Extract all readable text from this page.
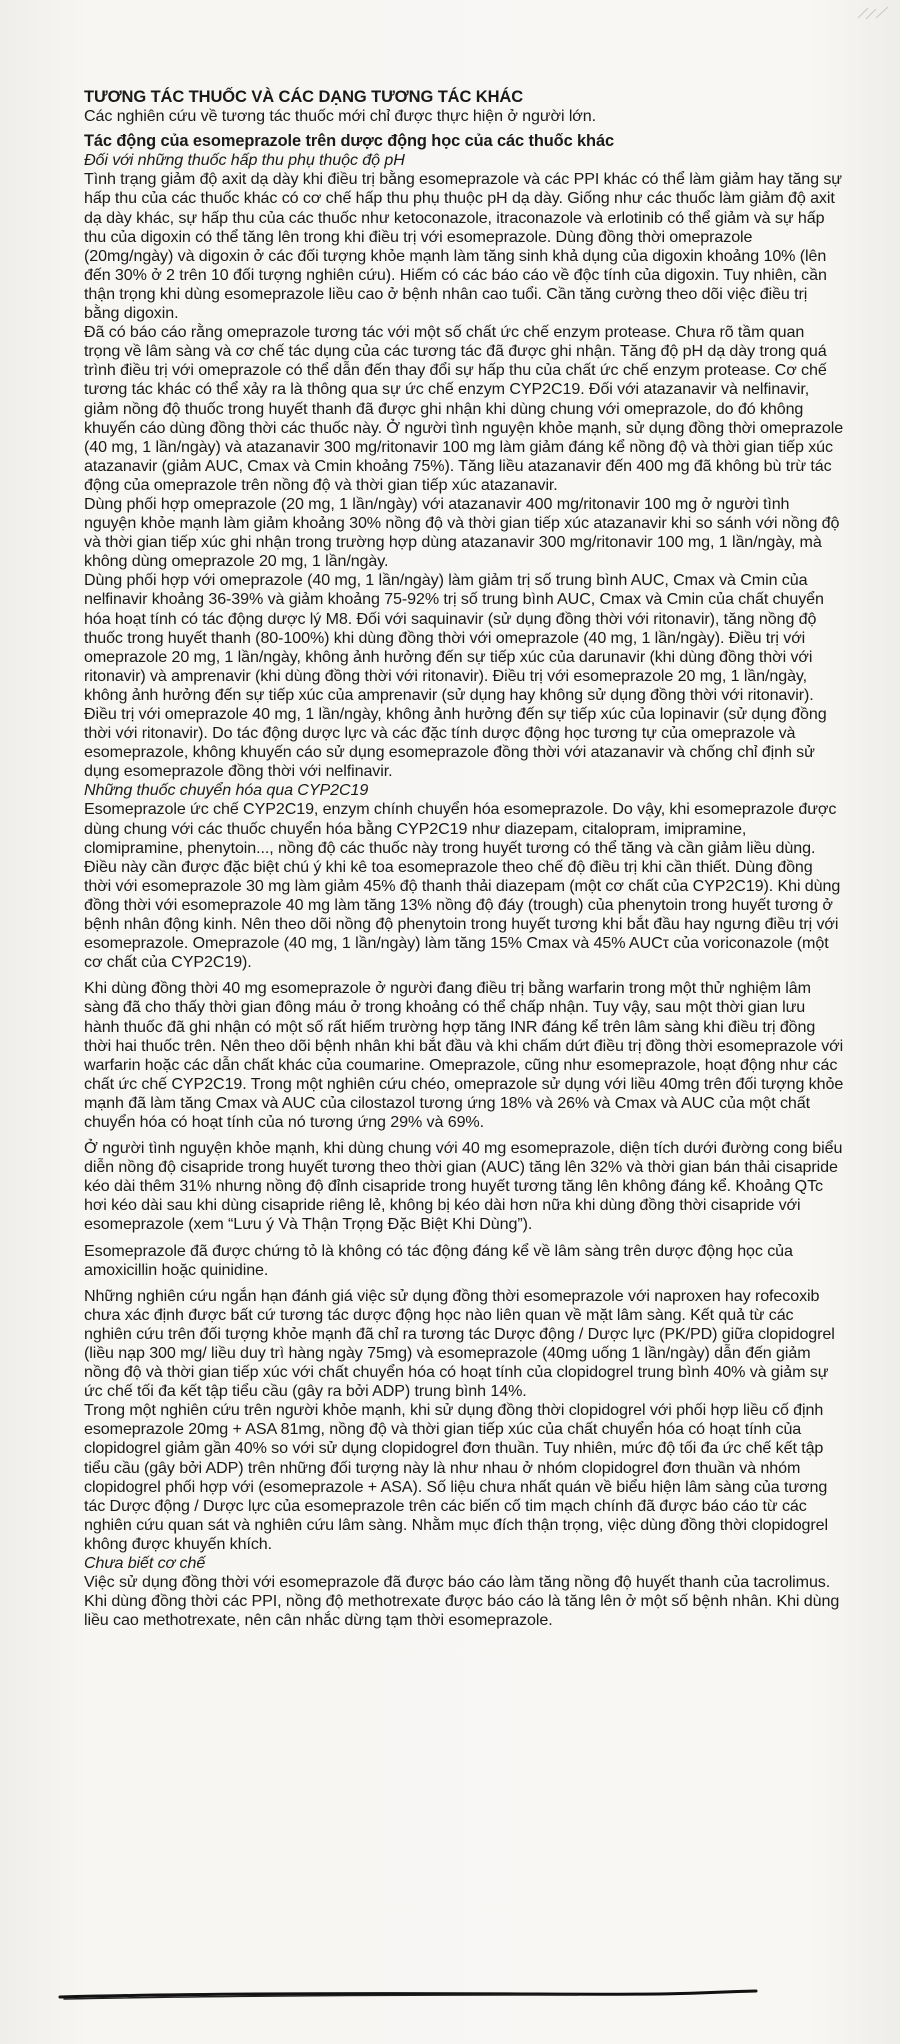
TƯƠNG TÁC THUỐC VÀ CÁC DẠNG TƯƠNG TÁC KHÁC

Các nghiên cứu về tương tác thuốc mới chỉ được thực hiện ở người lớn.

Tác động của esomeprazole trên dược động học của các thuốc khác

Đối với những thuốc hấp thu phụ thuộc độ pH

Tình trạng giảm độ axit dạ dày khi điều trị bằng esomeprazole và các PPI khác có thể làm giảm hay tăng sự hấp thu của các thuốc khác có cơ chế hấp thu phụ thuộc pH dạ dày. Giống như các thuốc làm giảm độ axit dạ dày khác, sự hấp thu của các thuốc như ketoconazole, itraconazole và erlotinib có thể giảm và sự hấp thu của digoxin có thể tăng lên trong khi điều trị với esomeprazole. Dùng đồng thời omeprazole (20mg/ngày) và digoxin ở các đối tượng khỏe mạnh làm tăng sinh khả dụng của digoxin khoảng 10% (lên đến 30% ở 2 trên 10 đối tượng nghiên cứu). Hiếm có các báo cáo về độc tính của digoxin. Tuy nhiên, cần thận trọng khi dùng esomeprazole liều cao ở bệnh nhân cao tuổi. Cần tăng cường theo dõi việc điều trị bằng digoxin.

Đã có báo cáo rằng omeprazole tương tác với một số chất ức chế enzym protease. Chưa rõ tầm quan trọng về lâm sàng và cơ chế tác dụng của các tương tác đã được ghi nhận. Tăng độ pH dạ dày trong quá trình điều trị với omeprazole có thể dẫn đến thay đổi sự hấp thu của chất ức chế enzym protease. Cơ chế tương tác khác có thể xảy ra là thông qua sự ức chế enzym CYP2C19. Đối với atazanavir và nelfinavir, giảm nồng độ thuốc trong huyết thanh đã được ghi nhận khi dùng chung với omeprazole, do đó không khuyến cáo dùng đồng thời các thuốc này. Ở người tình nguyện khỏe mạnh, sử dụng đồng thời omeprazole (40 mg, 1 lần/ngày) và atazanavir 300 mg/ritonavir 100 mg làm giảm đáng kể nồng độ và thời gian tiếp xúc atazanavir (giảm AUC, Cmax và Cmin khoảng 75%). Tăng liều atazanavir đến 400 mg đã không bù trừ tác động của omeprazole trên nồng độ và thời gian tiếp xúc atazanavir.

Dùng phối hợp omeprazole (20 mg, 1 lần/ngày) với atazanavir 400 mg/ritonavir 100 mg ở người tình nguyện khỏe mạnh làm giảm khoảng 30% nồng độ và thời gian tiếp xúc atazanavir khi so sánh với nồng độ và thời gian tiếp xúc ghi nhận trong trường hợp dùng atazanavir 300 mg/ritonavir 100 mg, 1 lần/ngày, mà không dùng omeprazole 20 mg, 1 lần/ngày.

Dùng phối hợp với omeprazole (40 mg, 1 lần/ngày) làm giảm trị số trung bình AUC, Cmax và Cmin của nelfinavir khoảng 36-39% và giảm khoảng 75-92% trị số trung bình AUC, Cmax và Cmin của chất chuyển hóa hoạt tính có tác động dược lý M8. Đối với saquinavir (sử dụng đồng thời với ritonavir), tăng nồng độ thuốc trong huyết thanh (80-100%) khi dùng đồng thời với omeprazole (40 mg, 1 lần/ngày). Điều trị với omeprazole 20 mg, 1 lần/ngày, không ảnh hưởng đến sự tiếp xúc của darunavir (khi dùng đồng thời với ritonavir) và amprenavir (khi dùng đồng thời với ritonavir). Điều trị với esomeprazole 20 mg, 1 lần/ngày, không ảnh hưởng đến sự tiếp xúc của amprenavir (sử dụng hay không sử dụng đồng thời với ritonavir). Điều trị với omeprazole 40 mg, 1 lần/ngày, không ảnh hưởng đến sự tiếp xúc của lopinavir (sử dụng đồng thời với ritonavir). Do tác động dược lực và các đặc tính dược động học tương tự của omeprazole và esomeprazole, không khuyến cáo sử dụng esomeprazole đồng thời với atazanavir và chống chỉ định sử dụng esomeprazole đồng thời với nelfinavir.

Những thuốc chuyển hóa qua CYP2C19

Esomeprazole ức chế CYP2C19, enzym chính chuyển hóa esomeprazole. Do vậy, khi esomeprazole được dùng chung với các thuốc chuyển hóa bằng CYP2C19 như diazepam, citalopram, imipramine, clomipramine, phenytoin..., nồng độ các thuốc này trong huyết tương có thể tăng và cần giảm liều dùng. Điều này cần được đặc biệt chú ý khi kê toa esomeprazole theo chế độ điều trị khi cần thiết. Dùng đồng thời với esomeprazole 30 mg làm giảm 45% độ thanh thải diazepam (một cơ chất của CYP2C19). Khi dùng đồng thời với esomeprazole 40 mg làm tăng 13% nồng độ đáy (trough) của phenytoin trong huyết tương ở bệnh nhân động kinh. Nên theo dõi nồng độ phenytoin trong huyết tương khi bắt đầu hay ngưng điều trị với esomeprazole. Omeprazole (40 mg, 1 lần/ngày) làm tăng 15% Cmax và 45% AUCτ của voriconazole (một cơ chất của CYP2C19).

Khi dùng đồng thời 40 mg esomeprazole ở người đang điều trị bằng warfarin trong một thử nghiệm lâm sàng đã cho thấy thời gian đông máu ở trong khoảng có thể chấp nhận. Tuy vậy, sau một thời gian lưu hành thuốc đã ghi nhận có một số rất hiếm trường hợp tăng INR đáng kể trên lâm sàng khi điều trị đồng thời hai thuốc trên. Nên theo dõi bệnh nhân khi bắt đầu và khi chấm dứt điều trị đồng thời esomeprazole với warfarin hoặc các dẫn chất khác của coumarine. Omeprazole, cũng như esomeprazole, hoạt động như các chất ức chế CYP2C19. Trong một nghiên cứu chéo, omeprazole sử dụng với liều 40mg trên đối tượng khỏe mạnh đã làm tăng Cmax và AUC của cilostazol tương ứng 18% và 26% và Cmax và AUC của một chất chuyển hóa có hoạt tính của nó tương ứng 29% và 69%.

Ở người tình nguyện khỏe mạnh, khi dùng chung với 40 mg esomeprazole, diện tích dưới đường cong biểu diễn nồng độ cisapride trong huyết tương theo thời gian (AUC) tăng lên 32% và thời gian bán thải cisapride kéo dài thêm 31% nhưng nồng độ đỉnh cisapride trong huyết tương tăng lên không đáng kể. Khoảng QTc hơi kéo dài sau khi dùng cisapride riêng lẻ, không bị kéo dài hơn nữa khi dùng đồng thời cisapride với esomeprazole (xem “Lưu ý Và Thận Trọng Đặc Biệt Khi Dùng”).

Esomeprazole đã được chứng tỏ là không có tác động đáng kể về lâm sàng trên dược động học của amoxicillin hoặc quinidine.

Những nghiên cứu ngắn hạn đánh giá việc sử dụng đồng thời esomeprazole với naproxen hay rofecoxib chưa xác định được bất cứ tương tác dược động học nào liên quan về mặt lâm sàng. Kết quả từ các nghiên cứu trên đối tượng khỏe mạnh đã chỉ ra tương tác Dược động / Dược lực (PK/PD) giữa clopidogrel (liều nạp 300 mg/ liều duy trì hàng ngày 75mg) và esomeprazole (40mg uống 1 lần/ngày) dẫn đến giảm nồng độ và thời gian tiếp xúc với chất chuyển hóa có hoạt tính của clopidogrel trung bình 40% và giảm sự ức chế tối đa kết tập tiểu cầu (gây ra bởi ADP) trung bình 14%.

Trong một nghiên cứu trên người khỏe mạnh, khi sử dụng đồng thời clopidogrel với phối hợp liều cố định esomeprazole 20mg + ASA 81mg, nồng độ và thời gian tiếp xúc của chất chuyển hóa có hoạt tính của clopidogrel giảm gần 40% so với sử dụng clopidogrel đơn thuần. Tuy nhiên, mức độ tối đa ức chế kết tập tiểu cầu (gây bởi ADP) trên những đối tượng này là như nhau ở nhóm clopidogrel đơn thuần và nhóm clopidogrel phối hợp với (esomeprazole + ASA). Số liệu chưa nhất quán về biểu hiện lâm sàng của tương tác Dược động / Dược lực của esomeprazole trên các biến cố tim mạch chính đã được báo cáo từ các nghiên cứu quan sát và nghiên cứu lâm sàng. Nhằm mục đích thận trọng, việc dùng đồng thời clopidogrel không được khuyến khích.

Chưa biết cơ chế

Việc sử dụng đồng thời với esomeprazole đã được báo cáo làm tăng nồng độ huyết thanh của tacrolimus.

Khi dùng đồng thời các PPI, nồng độ methotrexate được báo cáo là tăng lên ở một số bệnh nhân. Khi dùng liều cao methotrexate, nên cân nhắc dừng tạm thời esomeprazole.
